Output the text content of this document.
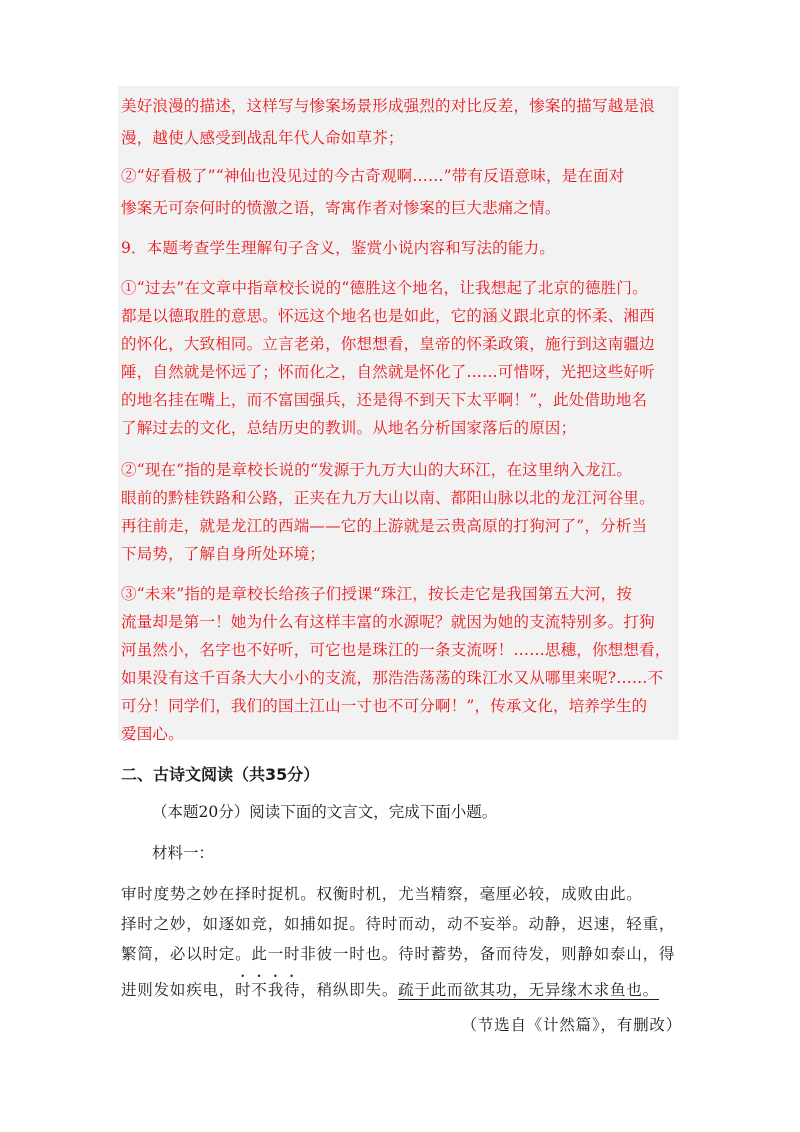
美好浪漫的描述，这样写与惨案场景形成强烈的对比反差，惨案的描写越是浪
漫，越使人感受到战乱年代人命如草芥；
②“好看极了”“神仙也没见过的今古奇观啊……”带有反语意味，是在面对
惨案无可奈何时的愤激之语，寄寓作者对惨案的巨大悲痛之情。
9．本题考查学生理解句子含义，鉴赏小说内容和写法的能力。
①“过去”在文章中指章校长说的“德胜这个地名，让我想起了北京的德胜门。
都是以德取胜的意思。怀远这个地名也是如此，它的涵义跟北京的怀柔、湘西
的怀化，大致相同。立言老弟，你想想看，皇帝的怀柔政策，施行到这南疆边
陲，自然就是怀远了；怀而化之，自然就是怀化了……可惜呀，光把这些好听
的地名挂在嘴上，而不富国强兵，还是得不到天下太平啊！”，此处借助地名
了解过去的文化，总结历史的教训。从地名分析国家落后的原因；
②“现在”指的是章校长说的“发源于九万大山的大环江，在这里纳入龙江。
眼前的黔桂铁路和公路，正夹在九万大山以南、都阳山脉以北的龙江河谷里。
再往前走，就是龙江的西端——它的上游就是云贵高原的打狗河了”，分析当
下局势，了解自身所处环境；
③“未来”指的是章校长给孩子们授课“珠江，按长走它是我国第五大河，按
流量却是第一！她为什么有这样丰富的水源呢？就因为她的支流特别多。打狗
河虽然小，名字也不好听，可它也是珠江的一条支流呀！……思穗，你想想看，
如果没有这千百条大大小小的支流，那浩浩荡荡的珠江水又从哪里来呢?……不
可分！同学们，我们的国土江山一寸也不可分啊！”，传承文化，培养学生的
爱国心。
二、古诗文阅读（共35分）
（本题20分）阅读下面的文言文，完成下面小题。
材料一：
审时度势之妙在择时捉机。权衡时机，尤当精察，毫厘必较，成败由此。
择时之妙，如逐如竞，如捕如捉。待时而动，动不妄举。动静，迟速，轻重，
繁简，必以时定。此一时非彼一时也。待时蓄势，备而待发，则静如泰山，得
进则发如疾电，时不我待，稍纵即失。疏于此而欲其功，无异缘木求鱼也。
（节选自《计然篇》，有删改）
